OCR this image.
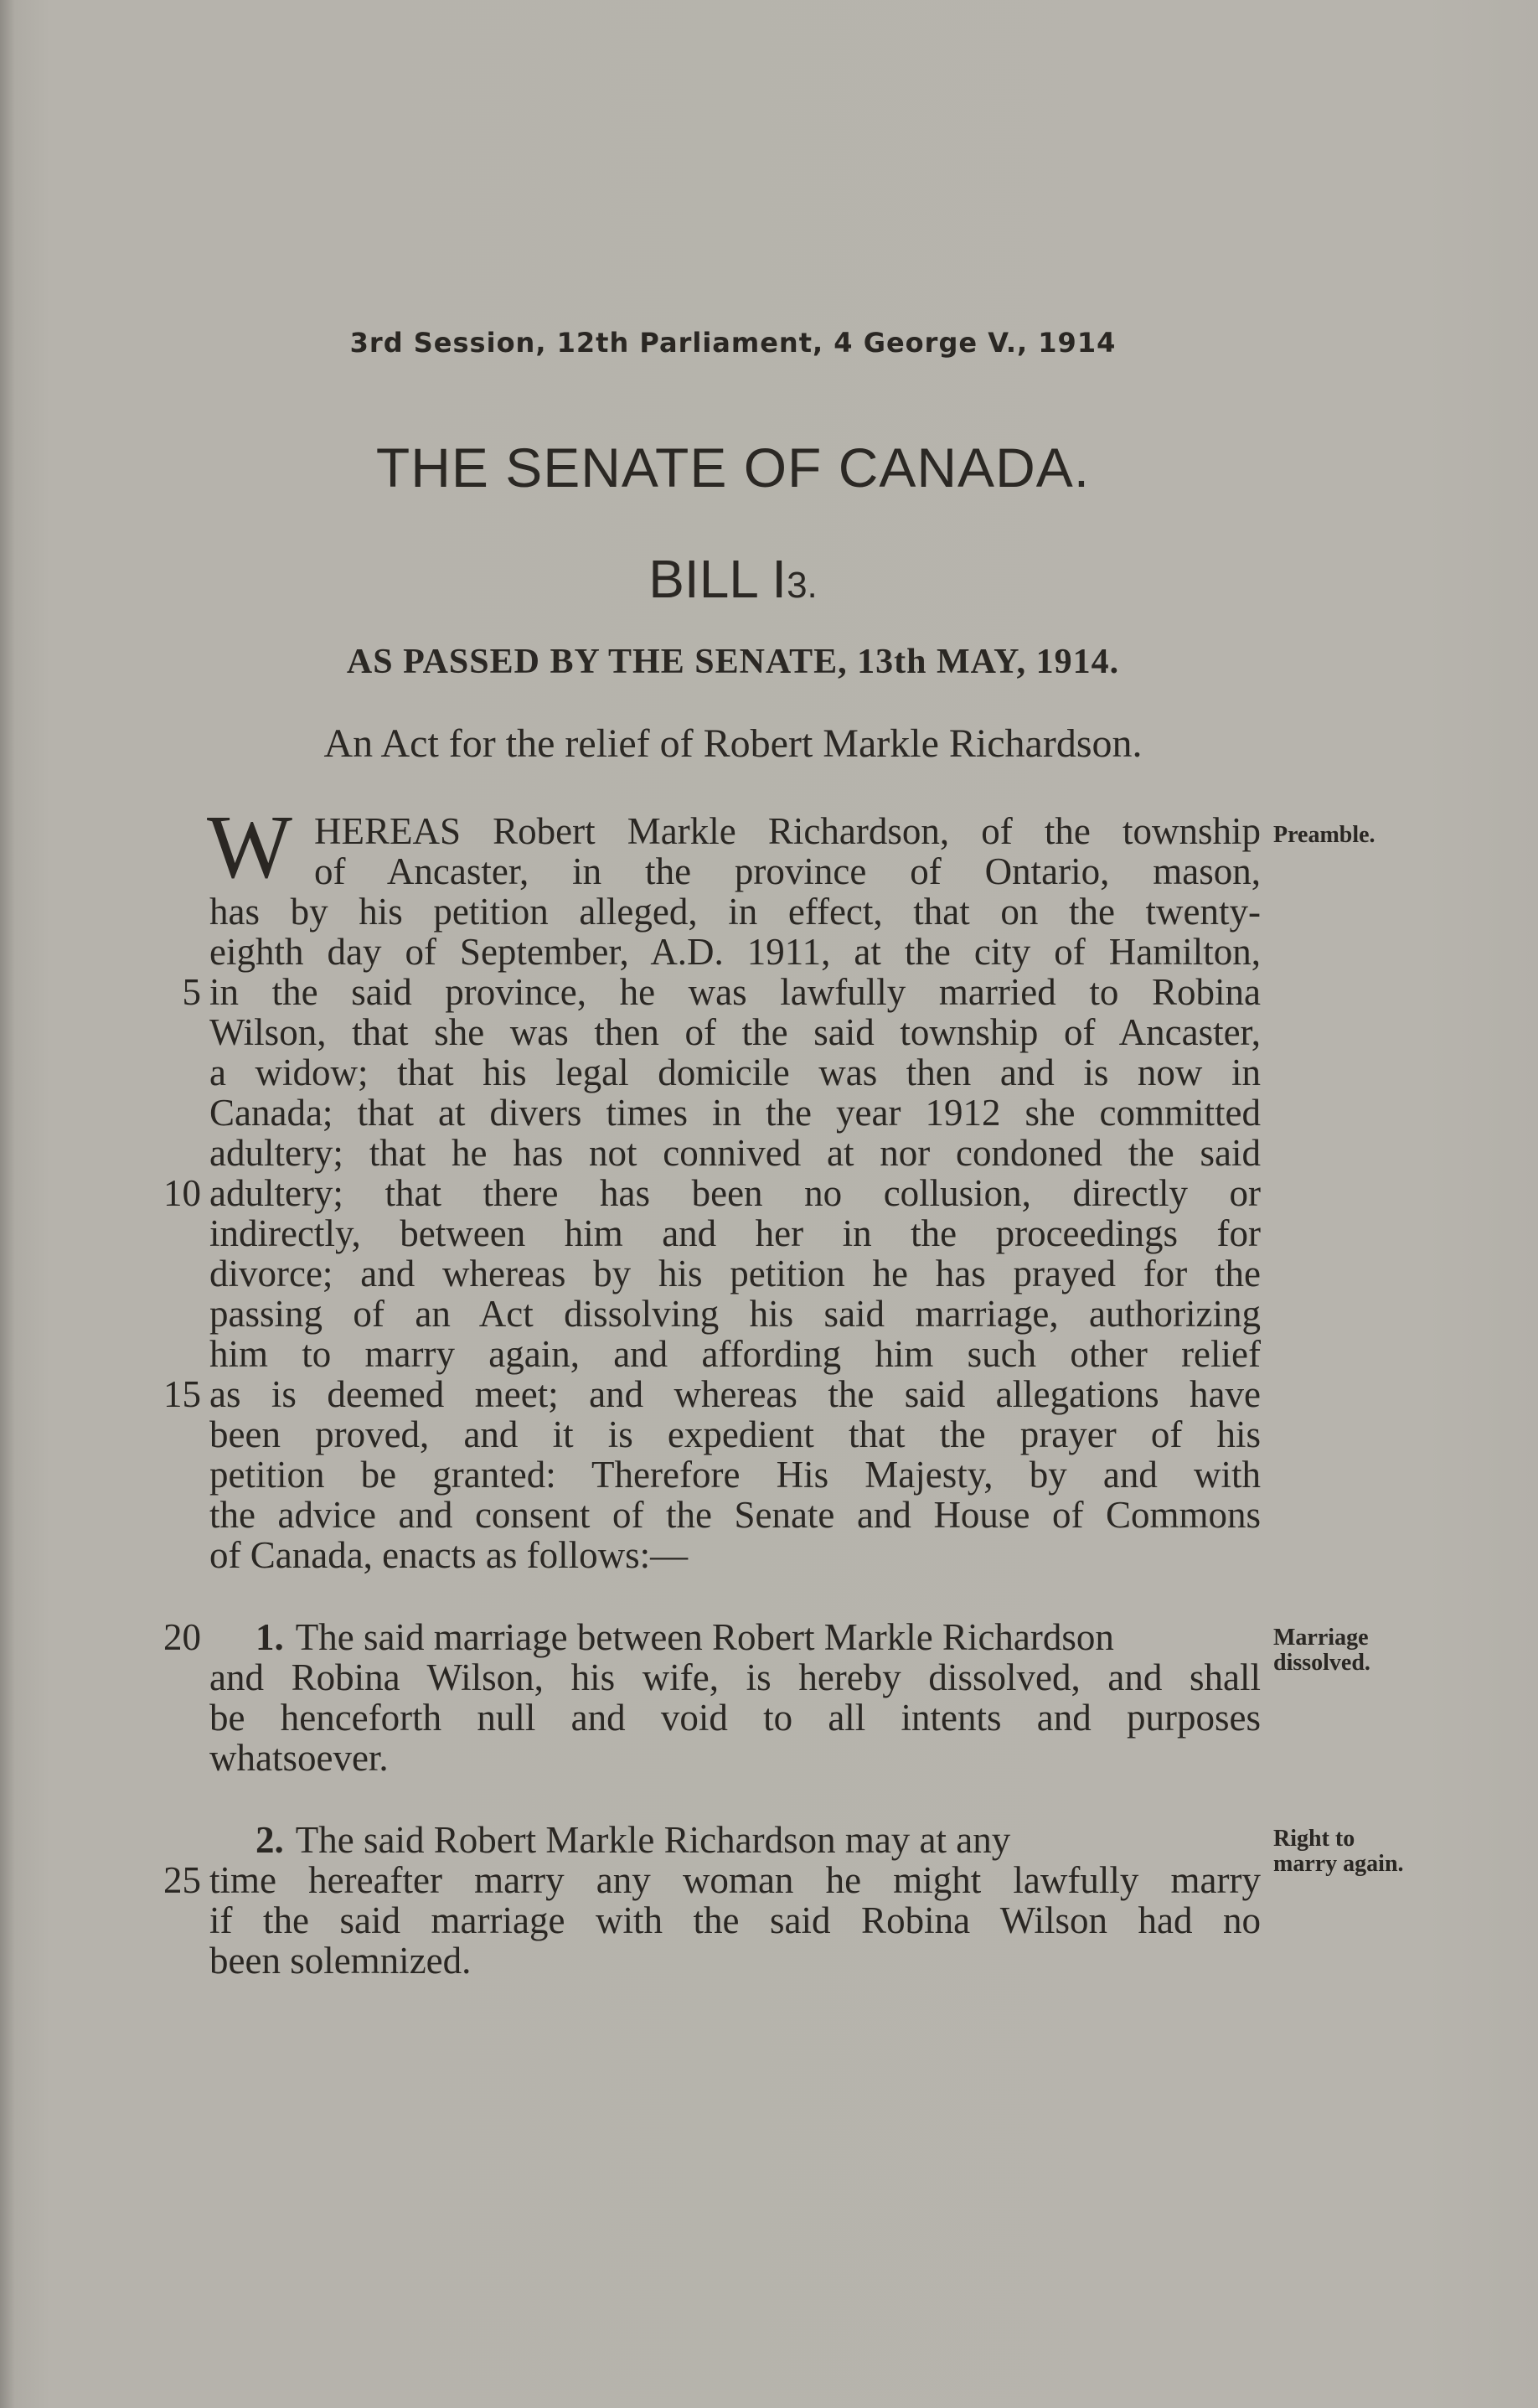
3rd Session, 12th Parliament, 4 George V., 1914
THE SENATE OF CANADA.
BILL I3.
AS PASSED BY THE SENATE, 13th MAY, 1914.
An Act for the relief of Robert Markle Richardson.
W	Preamble.
HEREAS Robert Markle Richardson, of the township
of Ancaster, in the province of Ontario, mason,
has by his petition alleged, in effect, that on the twenty-
eighth day of September, A.D. 1911, at the city of Hamilton,
in the said province, he was lawfully married to Robina
Wilson, that she was then of the said township of Ancaster,
a widow; that his legal domicile was then and is now in
Canada; that at divers times in the year 1912 she committed
adultery; that he has not connived at nor condoned the said
adultery; that there has been no collusion, directly or
indirectly, between him and her in the proceedings for
divorce; and whereas by his petition he has prayed for the
passing of an Act dissolving his said marriage, authorizing
him to marry again, and affording him such other relief
as is deemed meet; and whereas the said allegations have
been proved, and it is expedient that the prayer of his
petition be granted: Therefore His Majesty, by and with
the advice and consent of the Senate and House of Commons
of Canada, enacts as follows:—
5
10
15
20	Marriage
dissolved.
1. The said marriage between Robert Markle Richardson
and Robina Wilson, his wife, is hereby dissolved, and shall
be henceforth null and void to all intents and purposes
whatsoever.
Right to
marry again.
2. The said Robert Markle Richardson may at any
25 time hereafter marry any woman he might lawfully marry
if the said marriage with the said Robina Wilson had no
been solemnized.
